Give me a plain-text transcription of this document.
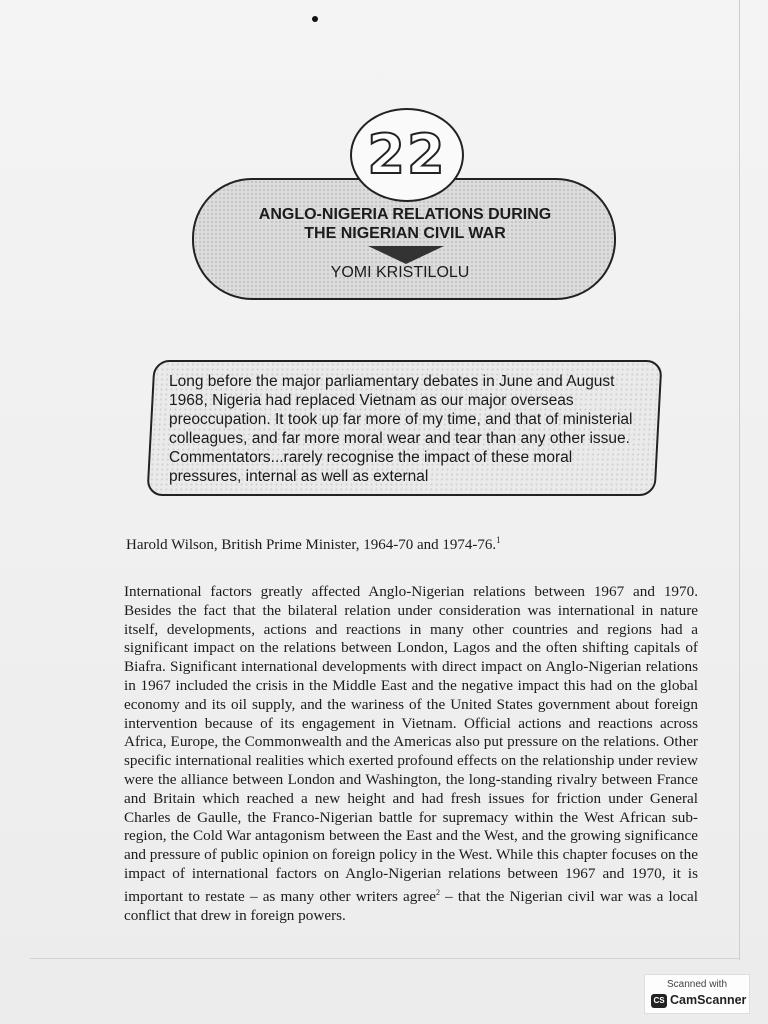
22
ANGLO-NIGERIA RELATIONS DURING
THE NIGERIAN CIVIL WAR
YOMI KRISTILOLU
Long before the major parliamentary debates in June and August 1968, Nigeria had replaced Vietnam as our major overseas preoccupation. It took up far more of my time, and that of ministerial colleagues, and far more moral wear and tear than any other issue. Commentators...rarely recognise the impact of these moral pressures, internal as well as external
Harold Wilson, British Prime Minister, 1964-70 and 1974-76.$^1$
International factors greatly affected Anglo-Nigerian relations between 1967 and 1970. Besides the fact that the bilateral relation under consideration was international in nature itself, developments, actions and reactions in many other countries and regions had a significant impact on the relations between London, Lagos and the often shifting capitals of Biafra. Significant international developments with direct impact on Anglo-Nigerian relations in 1967 included the crisis in the Middle East and the negative impact this had on the global economy and its oil supply, and the wariness of the United States government about foreign intervention because of its engagement in Vietnam. Official actions and reactions across Africa, Europe, the Commonwealth and the Americas also put pressure on the relations. Other specific international realities which exerted profound effects on the relationship under review were the alliance between London and Washington, the long-standing rivalry between France and Britain which reached a new height and had fresh issues for friction under General Charles de Gaulle, the Franco-Nigerian battle for supremacy within the West African sub-region, the Cold War antagonism between the East and the West, and the growing significance and pressure of public opinion on foreign policy in the West. While this chapter focuses on the impact of international factors on Anglo-Nigerian relations between 1967 and 1970, it is important to restate – as many other writers agree$^2$ – that the Nigerian civil war was a local conflict that drew in foreign powers.
Scanned with
CS CamScanner
